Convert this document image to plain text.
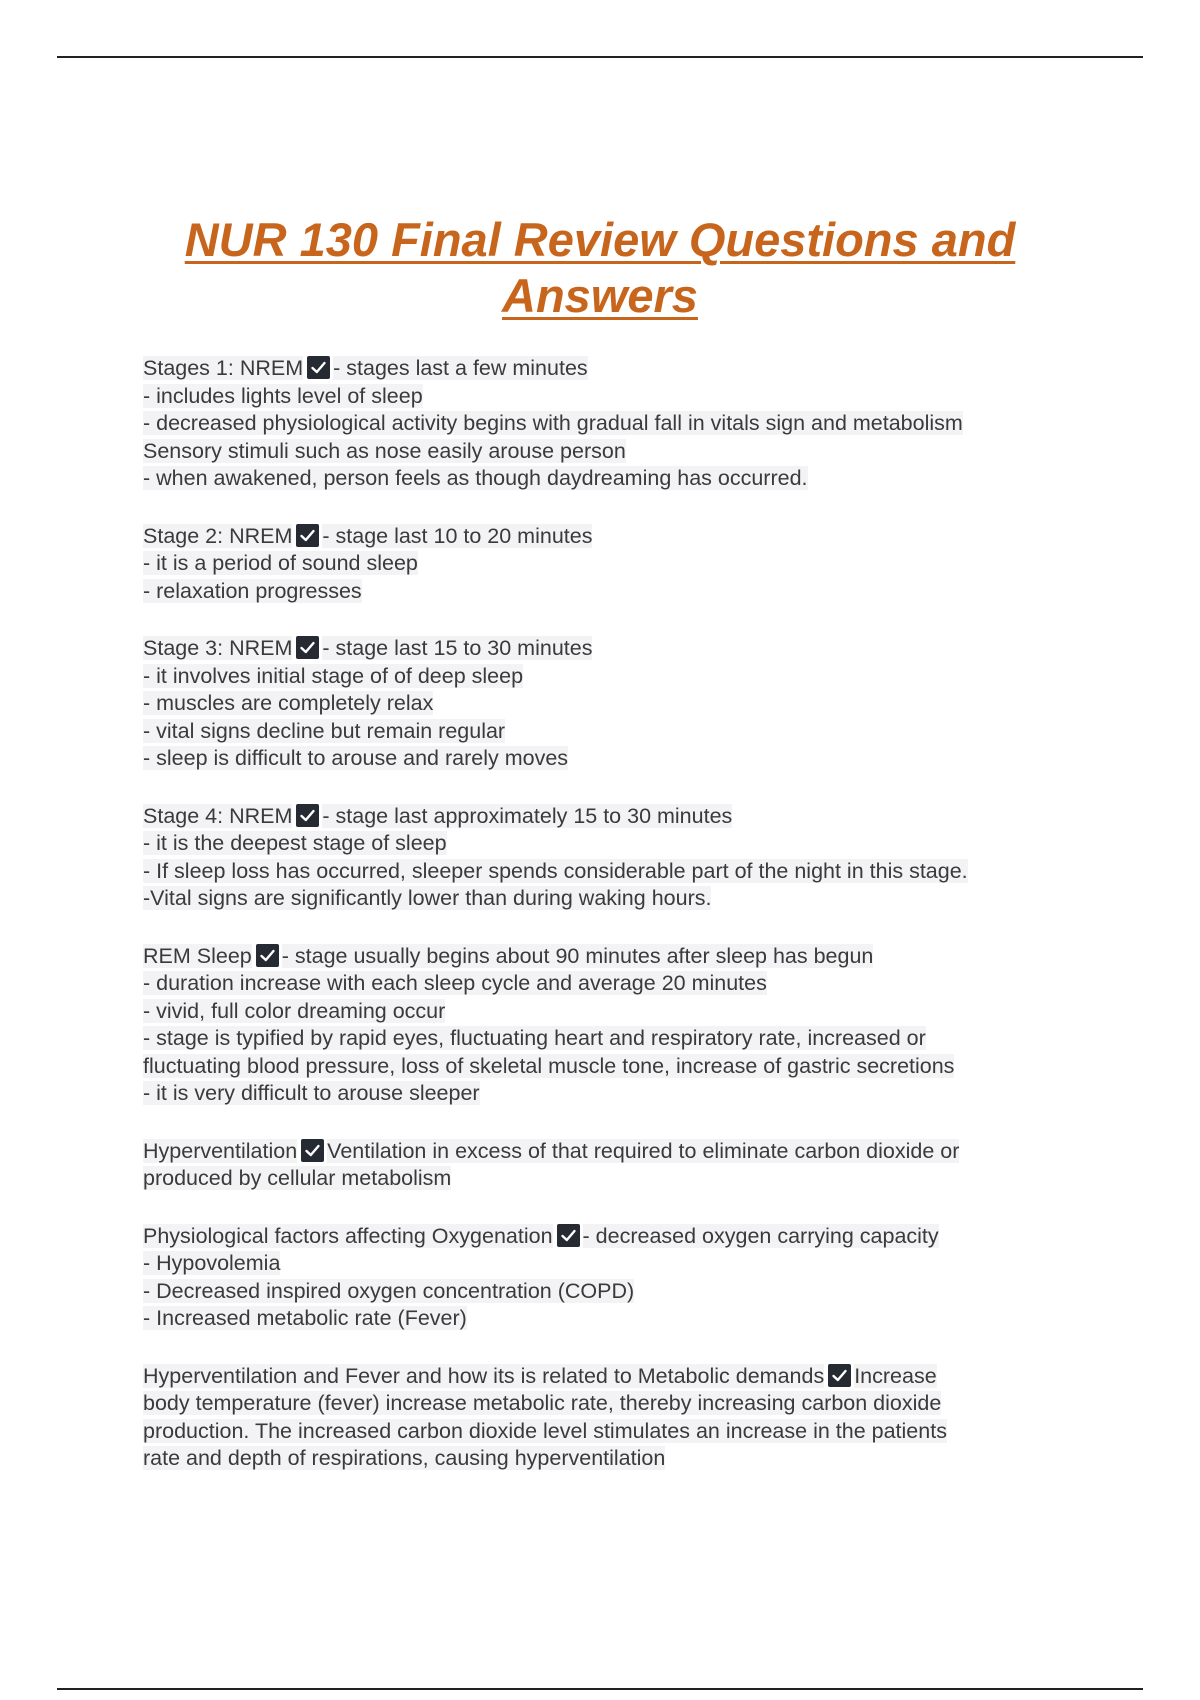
NUR 130 Final Review Questions and
Answers
Stages 1: NREM - stages last a few minutes
- includes lights level of sleep
- decreased physiological activity begins with gradual fall in vitals sign and metabolism
Sensory stimuli such as nose easily arouse person
- when awakened, person feels as though daydreaming has occurred.
Stage 2: NREM - stage last 10 to 20 minutes
- it is a period of sound sleep
- relaxation progresses
Stage 3: NREM - stage last 15 to 30 minutes
- it involves initial stage of of deep sleep
- muscles are completely relax
- vital signs decline but remain regular
- sleep is difficult to arouse and rarely moves
Stage 4: NREM - stage last approximately 15 to 30 minutes
- it is the deepest stage of sleep
- If sleep loss has occurred, sleeper spends considerable part of the night in this stage.
-Vital signs are significantly lower than during waking hours.
REM Sleep - stage usually begins about 90 minutes after sleep has begun
- duration increase with each sleep cycle and average 20 minutes
- vivid, full color dreaming occur
- stage is typified by rapid eyes, fluctuating heart and respiratory rate, increased or
fluctuating blood pressure, loss of skeletal muscle tone, increase of gastric secretions
- it is very difficult to arouse sleeper
Hyperventilation Ventilation in excess of that required to eliminate carbon dioxide or
produced by cellular metabolism
Physiological factors affecting Oxygenation - decreased oxygen carrying capacity
- Hypovolemia
- Decreased inspired oxygen concentration (COPD)
- Increased metabolic rate (Fever)
Hyperventilation and Fever and how its is related to Metabolic demands Increase
body temperature (fever) increase metabolic rate, thereby increasing carbon dioxide
production. The increased carbon dioxide level stimulates an increase in the patients
rate and depth of respirations, causing hyperventilation
